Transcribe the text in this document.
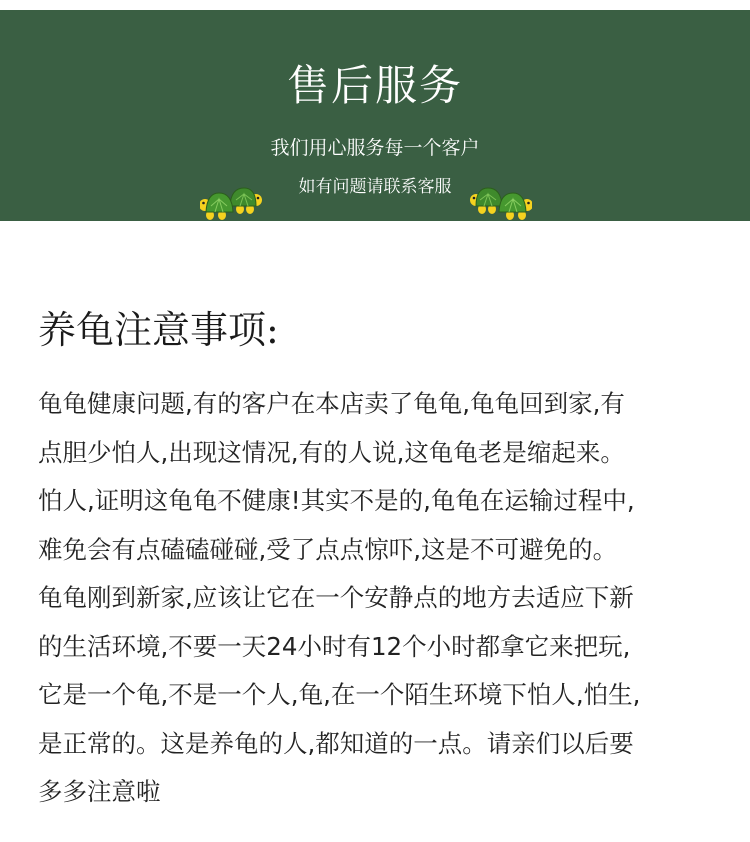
售后服务
我们用心服务每一个客户
如有问题请联系客服
养龟注意事项:

龟龟健康问题,有的客户在本店卖了龟龟,龟龟回到家,有
点胆少怕人,出现这情况,有的人说,这龟龟老是缩起来。
怕人,证明这龟龟不健康!其实不是的,龟龟在运输过程中,
难免会有点磕磕碰碰,受了点点惊吓,这是不可避免的。
龟龟刚到新家,应该让它在一个安静点的地方去适应下新
的生活环境,不要一天24小时有12个小时都拿它来把玩,
它是一个龟,不是一个人,龟,在一个陌生环境下怕人,怕生,
是正常的。这是养龟的人,都知道的一点。请亲们以后要
多多注意啦
